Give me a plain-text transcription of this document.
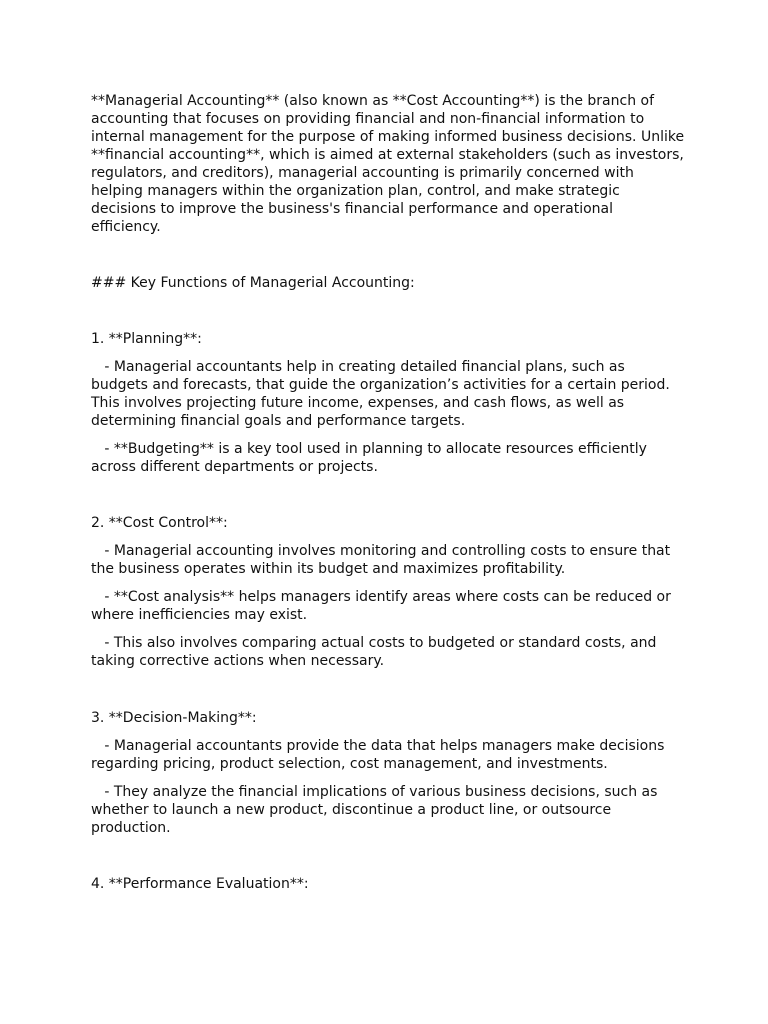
**Managerial Accounting** (also known as **Cost Accounting**) is the branch of accounting that focuses on providing financial and non-financial information to internal management for the purpose of making informed business decisions. Unlike **financial accounting**, which is aimed at external stakeholders (such as investors, regulators, and creditors), managerial accounting is primarily concerned with helping managers within the organization plan, control, and make strategic decisions to improve the business's financial performance and operational efficiency.

### Key Functions of Managerial Accounting:

1. **Planning**:

- Managerial accountants help in creating detailed financial plans, such as budgets and forecasts, that guide the organization’s activities for a certain period. This involves projecting future income, expenses, and cash flows, as well as determining financial goals and performance targets.

- **Budgeting** is a key tool used in planning to allocate resources efficiently across different departments or projects.

2. **Cost Control**:

- Managerial accounting involves monitoring and controlling costs to ensure that the business operates within its budget and maximizes profitability.

- **Cost analysis** helps managers identify areas where costs can be reduced or where inefficiencies may exist.

- This also involves comparing actual costs to budgeted or standard costs, and taking corrective actions when necessary.

3. **Decision-Making**:

- Managerial accountants provide the data that helps managers make decisions regarding pricing, product selection, cost management, and investments.

- They analyze the financial implications of various business decisions, such as whether to launch a new product, discontinue a product line, or outsource production.

4. **Performance Evaluation**:
